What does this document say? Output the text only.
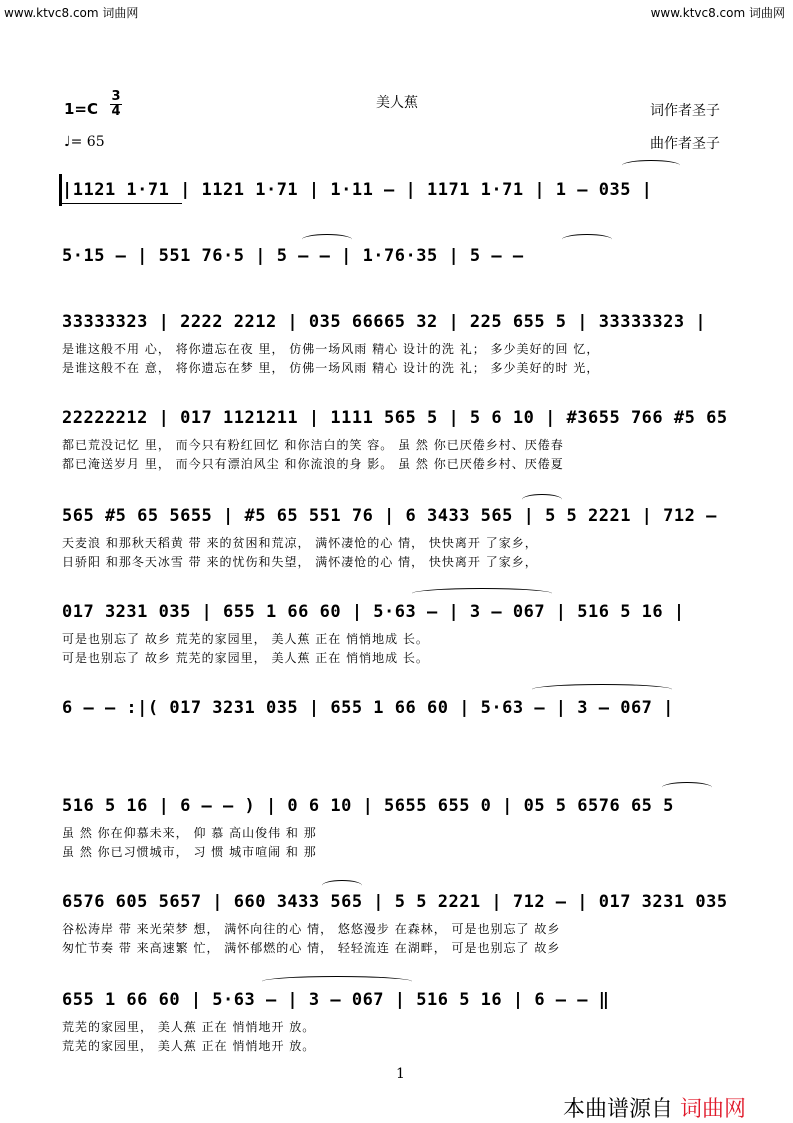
www.ktvc8.com 词曲网	www.ktvc8.com 词曲网
美人蕉
1=C
3
4
♩= 65
词作者圣子
曲作者圣子
|1121 1·71 | 1121 1·71 | 1·11 – | 1171 1·71 | 1 – 035 |
5·15 – | 551 76·5 | 5 – – | 1·76·35 | 5 – –
33333323 | 2222 2212 | 035 66665 32 | 225 655 5 | 33333323 |
是谁这般不用 心， 将你遗忘在夜 里， 仿佛一场风雨 精心 设计的洗 礼； 多少美好的回 忆，
是谁这般不在 意， 将你遗忘在梦 里， 仿佛一场风雨 精心 设计的洗 礼； 多少美好的时 光，
22222212 | 017 1121211 | 1111 565 5 | 5 6 10 | #3655 766 #5 65
都已荒没记忆 里， 而今只有粉红回忆 和你洁白的笑 容。 虽 然 你已厌倦乡村、厌倦春
都已淹送岁月 里， 而今只有漂泊风尘 和你流浪的身 影。 虽 然 你已厌倦乡村、厌倦夏
565 #5 65 5655 | #5 65 551 76 | 6 3433 565 | 5 5 2221 | 712 –
天麦浪 和那秋天稻黄 带 来的贫困和荒凉， 满怀凄怆的心 情， 快快离开 了家乡，
日骄阳 和那冬天冰雪 带 来的忧伤和失望， 满怀凄怆的心 情， 快快离开 了家乡，
017 3231 035 | 655 1 66 60 | 5·63 – | 3 – 067 | 516 5 16 |
可是也别忘了 故乡 荒芜的家园里， 美人蕉 正在 悄悄地成 长。
可是也别忘了 故乡 荒芜的家园里， 美人蕉 正在 悄悄地成 长。
6 – – :|( 017 3231 035 | 655 1 66 60 | 5·63 – | 3 – 067 |
516 5 16 | 6 – – ) | 0 6 10 | 5655 655 0 | 05 5 6576 65 5
虽 然 你在仰慕未来， 仰 慕 高山俊伟 和 那
虽 然 你已习惯城市， 习 惯 城市喧闹 和 那
6576 605 5657 | 660 3433 565 | 5 5 2221 | 712 – | 017 3231 035
谷松涛岸 带 来光荣梦 想， 满怀向往的心 情， 悠悠漫步 在森林， 可是也别忘了 故乡
匆忙节奏 带 来高速繁 忙， 满怀郁燃的心 情， 轻轻流连 在湖畔， 可是也别忘了 故乡
655 1 66 60 | 5·63 – | 3 – 067 | 516 5 16 | 6 – – ‖
荒芜的家园里， 美人蕉 正在 悄悄地开 放。
荒芜的家园里， 美人蕉 正在 悄悄地开 放。
1
本曲谱源自 词曲网
